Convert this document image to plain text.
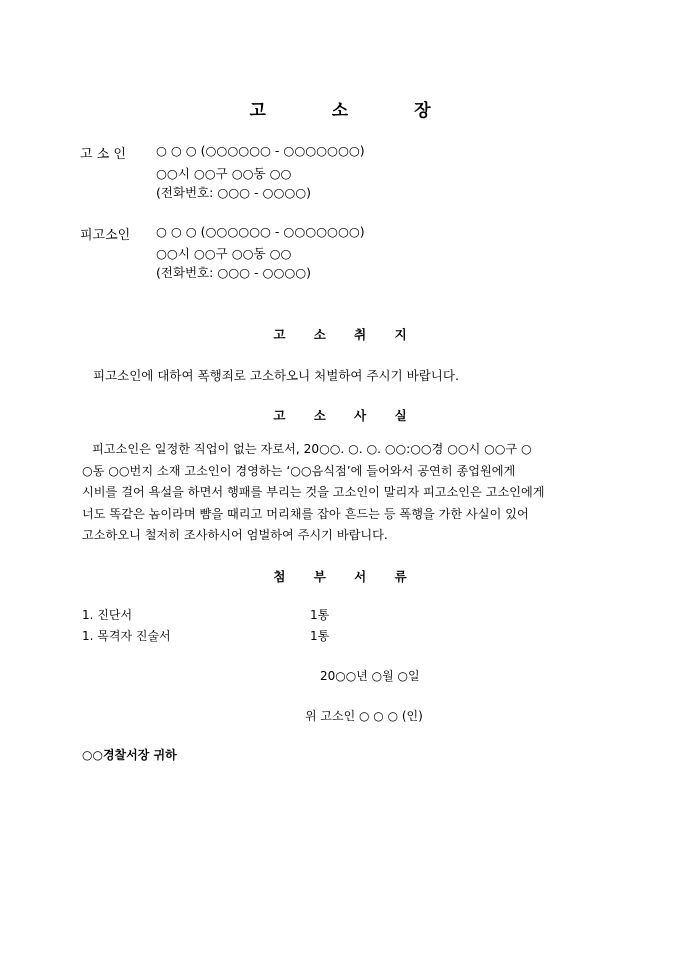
고 소 장
고 소 인 ○ ○ ○ (○○○○○○ - ○○○○○○○)
○○시 ○○구 ○○동 ○○
(전화번호: ○○○ - ○○○○)
피고소인 ○ ○ ○ (○○○○○○ - ○○○○○○○)
○○시 ○○구 ○○동 ○○
(전화번호: ○○○ - ○○○○)
고 소 취 지
피고소인에 대하여 폭행죄로 고소하오니 처벌하여 주시기 바랍니다.
고 소 사 실
피고소인은 일정한 직업이 없는 자로서, 20○○. ○. ○. ○○:○○경 ○○시 ○○구 ○
○동 ○○번지 소재 고소인이 경영하는 ‘○○음식점’에 들어와서 공연히 종업원에게
시비를 걸어 욕설을 하면서 행패를 부리는 것을 고소인이 말리자 피고소인은 고소인에게
너도 똑같은 놈이라며 뺨을 때리고 머리채를 잡아 흔드는 등 폭행을 가한 사실이 있어
고소하오니 철저히 조사하시어 엄벌하여 주시기 바랍니다.
첨 부 서 류
1. 진단서	1통
1. 목격자 진술서	1통
20○○년 ○월 ○일
위 고소인 ○ ○ ○ (인)
○○경찰서장 귀하
